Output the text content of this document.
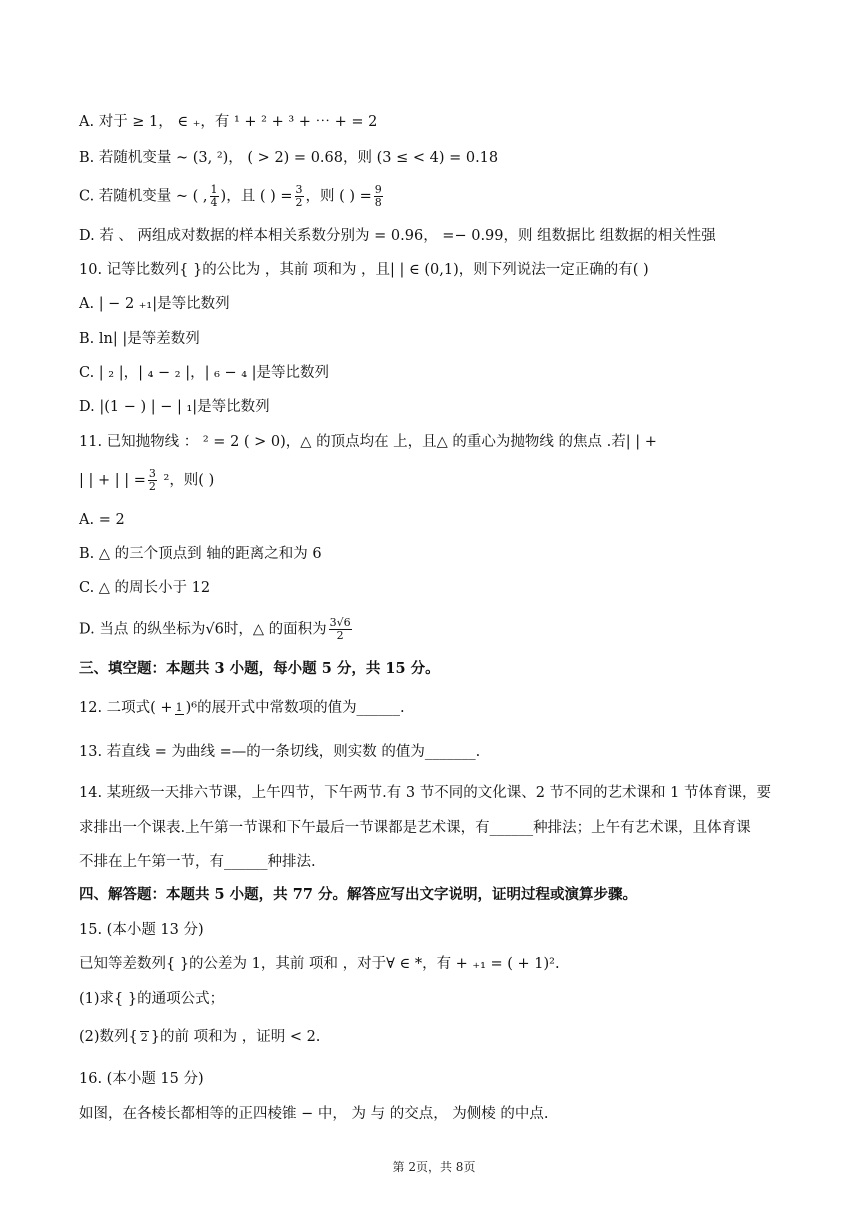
A. 对于 ≥ 1， ∈ ₊，有 ¹ + ² + ³ + ⋯ + = 2
B. 若随机变量 ~ (3, ²)， ( > 2) = 0.68，则 (3 ≤ < 4) = 0.18
C. 若随机变量 ~ ( , $\frac{1}{4}$ )，且 ( ) = $\frac{3}{2}$ ，则 ( ) = $\frac{9}{8}$
D. 若 、 两组成对数据的样本相关系数分别为 = 0.96， =− 0.99，则 组数据比 组数据的相关性强
10. 记等比数列{ }的公比为 ，其前 项和为 ，且| | ∈ (0,1)，则下列说法一定正确的有( )
A. | − 2 ₊₁|是等比数列
B. ln| |是等差数列
C. | ₂ |，| ₄ − ₂ |，| ₆ − ₄ |是等比数列
D. |(1 − ) | − | ₁|是等比数列
11. 已知抛物线 ： ² = 2 ( > 0)，△ 的顶点均在 上，且△ 的重心为抛物线 的焦点 .若| | +
| | + | | = $\frac{3}{2} ^2$，则( )
A. = 2
B. △ 的三个顶点到 轴的距离之和为 6
C. △ 的周长小于 12
D. 当点 的纵坐标为√6时，△ 的面积为 $\frac{3√6}{2}$
三、填空题：本题共 3 小题，每小题 5 分，共 15 分。
12. 二项式( + 1 )⁶的展开式中常数项的值为______.
13. 若直线 = 为曲线 =—的一条切线，则实数 的值为_______.
14. 某班级一天排六节课，上午四节，下午两节.有 3 节不同的文化课、2 节不同的艺术课和 1 节体育课，要
求排出一个课表.上午第一节课和下午最后一节课都是艺术课，有______种排法；上午有艺术课，且体育课
不排在上午第一节，有______种排法.
四、解答题：本题共 5 小题，共 77 分。解答应写出文字说明，证明过程或演算步骤。
15. (本小题 13 分)
已知等差数列{ }的公差为 1，其前 项和 ，对于∀ ∈ *，有 + ₊₁ = ( + 1)².
(1)求{ }的通项公式；
(2)数列{ 2 }的前 项和为 ，证明 < 2.
16. (本小题 15 分)
如图，在各棱长都相等的正四棱锥 − 中， 为 与 的交点， 为侧棱 的中点.
第 2页，共 8页
